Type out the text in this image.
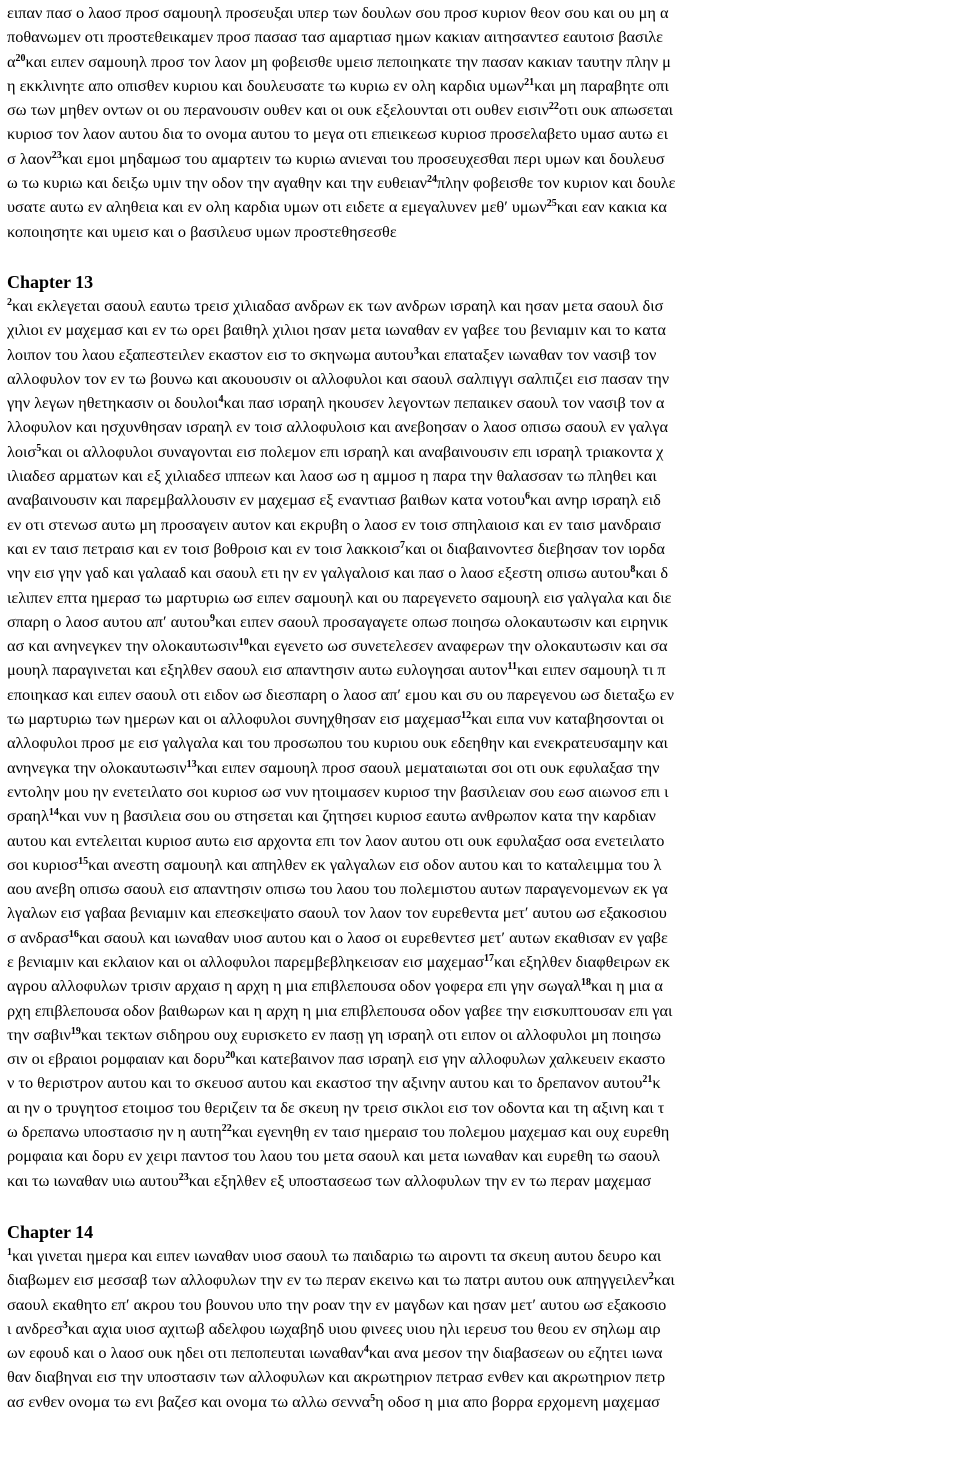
ειπαν πασ ο λαοσ προσ σαμουηλ προσευξαι υπερ των δουλων σου προσ κυριον θεον σου και ου μη α
ποθανωμεν οτι προστεθεικαμεν προσ πασασ τασ αμαρτιασ ημων κακιαν αιτησαντεσ εαυτοισ βασιλε
$\alpha^{20}\kappa\alpha\iota$ ειπεν σαμουηλ προσ τον λαον μη φοβεισθε υμεισ πεποιηκατε την πασαν κακιαν ταυτην πλην μ
η εκκλινητε απο οπισθεν κυριου και δουλευσατε τω κυριω εν ολη καρδια υμων$^{21}$και μη παραβητε οπι
σω των μηθεν οντων οι ου περανουσιν ουθεν και οι ουκ εξελουνται οτι ουθεν εισιν$^{22}$οτι ουκ απωσεται
κυριοσ τον λαον αυτου δια το ονομα αυτου το μεγα οτι επιεικεωσ κυριοσ προσελαβετο υμασ αυτω ει
σ λαον$^{23}$και εμοι μηδαμωσ του αμαρτειν τω κυριω ανιεναι του προσευχεσθαι περι υμων και δουλευσ
ω τω κυριω και δειξω υμιν την οδον την αγαθην και την ευθειαν$^{24}$πλην φοβεισθε τον κυριον και δουλε
υσατε αυτω εν αληθεια και εν ολη καρδια υμων οτι ειδετε α εμεγαλυνεν μεθ′ υμων$^{25}$και εαν κακια κα
κοποιησητε και υμεισ και ο βασιλευσ υμων προστεθησεσθε
Chapter 13
$^2$και εκλεγεται σαουλ εαυτω τρεισ χιλιαδασ ανδρων εκ των ανδρων ισραηλ και ησαν μετα σαουλ δισ
χιλιοι εν μαχεμασ και εν τω ορει βαιθηλ χιλιοι ησαν μετα ιωναθαν εν γαβεε του βενιαμιν και το κατα
λοιπον του λαου εξαπεστειλεν εκαστον εισ το σκηνωμα αυτου$^3$και επαταξεν ιωναθαν τον νασιβ τον
αλλοφυλον τον εν τω βουνω και ακουουσιν οι αλλοφυλοι και σαουλ σαλπιγγι σαλπιζει εισ πασαν την
γην λεγων ηθετηκασιν οι δουλοι$^4$και πασ ισραηλ ηκουσεν λεγοντων πεπαικεν σαουλ τον νασιβ τον α
λλοφυλον και ησχυνθησαν ισραηλ εν τοισ αλλοφυλοισ και ανεβοησαν ο λαοσ οπισω σαουλ εν γαλγα
λοισ$^5$και οι αλλοφυλοι συναγονται εισ πολεμον επι ισραηλ και αναβαινουσιν επι ισραηλ τριακοντα χ
ιλιαδεσ αρματων και εξ χιλιαδεσ ιππεων και λαοσ ωσ η αμμοσ η παρα την θαλασσαν τω πληθει και
αναβαινουσιν και παρεμβαλλουσιν εν μαχεμασ εξ εναντιασ βαιθων κατα νοτου$^6$και ανηρ ισραηλ ειδ
εν οτι στενωσ αυτω μη προσαγειν αυτον και εκρυβη ο λαοσ εν τοισ σπηλαιοισ και εν ταισ μανδραισ
και εν ταισ πετραισ και εν τοισ βοθροισ και εν τοισ λακκοισ$^7$και οι διαβαινοντεσ διεβησαν τον ιορδα
νην εισ γην γαδ και γαλααδ και σαουλ ετι ην εν γαλγαλοισ και πασ ο λαοσ εξεστη οπισω αυτου$^8$και δ
ιελιπεν επτα ημερασ τω μαρτυριω ωσ ειπεν σαμουηλ και ου παρεγενετο σαμουηλ εισ γαλγαλα και διε
σπαρη ο λαοσ αυτου απ′ αυτου$^9$και ειπεν σαουλ προσαγαγετε οπωσ ποιησω ολοκαυτωσιν και ειρηνικ
ασ και ανηνεγκεν την ολοκαυτωσιν$^{10}$και εγενετο ωσ συνετελεσεν αναφερων την ολοκαυτωσιν και σα
μουηλ παραγινεται και εξηλθεν σαουλ εισ απαντησιν αυτω ευλογησαι αυτον$^{11}$και ειπεν σαμουηλ τι π
εποιηκασ και ειπεν σαουλ οτι ειδον ωσ διεσπαρη ο λαοσ απ′ εμου και συ ου παρεγενου ωσ διεταξω εν
τω μαρτυριω των ημερων και οι αλλοφυλοι συνηχθησαν εισ μαχεμασ$^{12}$και ειπα νυν καταβησονται οι
αλλοφυλοι προσ με εισ γαλγαλα και του προσωπου του κυριου ουκ εδεηθην και ενεκρατευσαμην και
ανηνεγκα την ολοκαυτωσιν$^{13}$και ειπεν σαμουηλ προσ σαουλ μεματαιωται σοι οτι ουκ εφυλαξασ την
εντολην μου ην ενετειλατο σοι κυριοσ ωσ νυν ητοιμασεν κυριοσ την βασιλειαν σου εωσ αιωνοσ επι ι
σραηλ$^{14}$και νυν η βασιλεια σου ου στησεται και ζητησει κυριοσ εαυτω ανθρωπον κατα την καρδιαν
αυτου και εντελειται κυριοσ αυτω εισ αρχοντα επι τον λαον αυτου οτι ουκ εφυλαξασ οσα ενετειλατο
σοι κυριοσ$^{15}$και ανεστη σαμουηλ και απηλθεν εκ γαλγαλων εισ οδον αυτου και το καταλειμμα του λ
αου ανεβη οπισω σαουλ εισ απαντησιν οπισω του λαου του πολεμιστου αυτων παραγενομενων εκ γα
λγαλων εισ γαβαα βενιαμιν και επεσκεψατο σαουλ τον λαον τον ευρεθεντα μετ′ αυτου ωσ εξακοσιου
σ ανδρασ$^{16}$και σαουλ και ιωναθαν υιοσ αυτου και ο λαοσ οι ευρεθεντεσ μετ′ αυτων εκαθισαν εν γαβε
ε βενιαμιν και εκλαιον και οι αλλοφυλοι παρεμβεβληκεισαν εισ μαχεμασ$^{17}$και εξηλθεν διαφθειρων εκ
αγρου αλλοφυλων τρισιν αρχαισ η αρχη η μια επιβλεπουσα οδον γοφερα επι γην σωγαλ$^{18}$και η μια α
ρχη επιβλεπουσα οδον βαιθωρων και η αρχη η μια επιβλεπουσα οδον γαβεε την εισκυπτουσαν επι γαι
την σαβιν$^{19}$και τεκτων σιδηρου ουχ ευρισκετο εν πασῃ γη ισραηλ οτι ειπον οι αλλοφυλοι μη ποιησω
σιν οι εβραιοι ρομφαιαν και δορυ$^{20}$και κατεβαινον πασ ισραηλ εισ γην αλλοφυλων χαλκευειν εκαστο
ν το θεριστρον αυτου και το σκευοσ αυτου και εκαστοσ την αξινην αυτου και το δρεπανον αυτου$^{21}$κ
αι ην ο τρυγητοσ ετοιμοσ του θεριζειν τα δε σκευη ην τρεισ σικλοι εισ τον οδοντα και τη αξινη και τ
ω δρεπανω υποστασισ ην η αυτη$^{22}$και εγενηθη εν ταισ ημεραισ του πολεμου μαχεμασ και ουχ ευρεθη
ρομφαια και δορυ εν χειρι παντοσ του λαου του μετα σαουλ και μετα ιωναθαν και ευρεθη τω σαουλ
και τω ιωναθαν υιω αυτου$^{23}$και εξηλθεν εξ υποστασεωσ των αλλοφυλων την εν τω περαν μαχεμασ
Chapter 14
$^1$και γινεται ημερα και ειπεν ιωναθαν υιοσ σαουλ τω παιδαριω τω αιροντι τα σκευη αυτου δευρο και
διαβωμεν εισ μεσσαβ των αλλοφυλων την εν τω περαν εκεινω και τω πατρι αυτου ουκ απηγγειλεν$^2$και
σαουλ εκαθητο επ′ ακρου του βουνου υπο την ροαν την εν μαγδων και ησαν μετ′ αυτου ωσ εξακοσιο
ι ανδρεσ$^3$και αχια υιοσ αχιτωβ αδελφου ιωχαβηδ υιου φινεες υιου ηλι ιερευσ του θεου εν σηλωμ αιρ
ων εφουδ και ο λαοσ ουκ ηδει οτι πεποπευται ιωναθαν$^4$και ανα μεσον την διαβασεων ου εζητει ιωνα
θαν διαβηναι εισ την υποστασιν των αλλοφυλων και ακρωτηριον πετρασ ενθεν και ακρωτηριον πετρ
ασ ενθεν ονομα τω ενι βαζεσ και ονομα τω αλλω σεννα$^5$η οδοσ η μια απο βορρα ερχομενη μαχεμασ
